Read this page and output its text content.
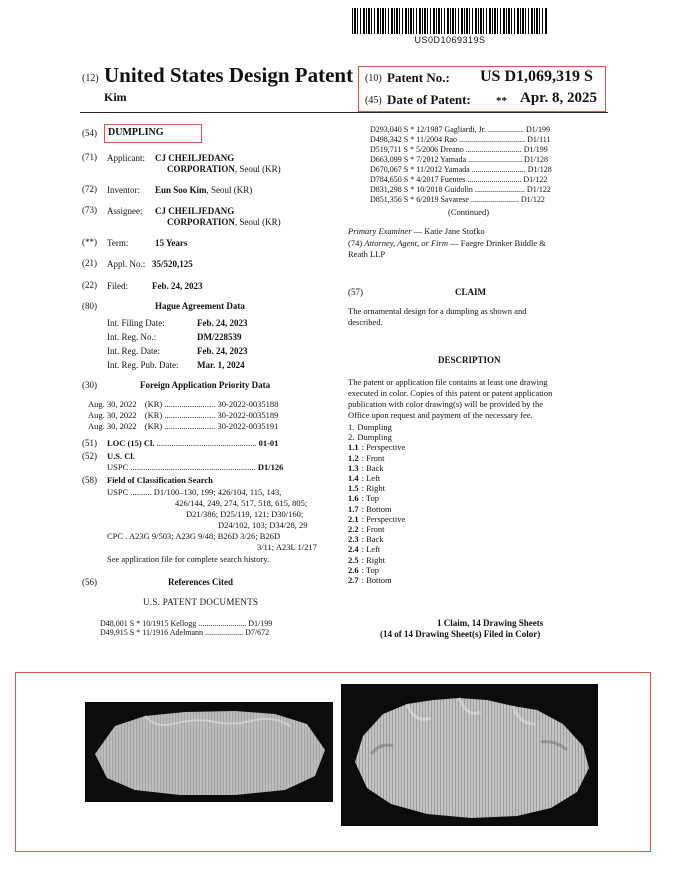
US0D1069319S
(12) United States Design Patent
Kim
(10) Patent No.: US D1,069,319 S
(45) Date of Patent: ** Apr. 8, 2025
(54) DUMPLING
(71) Applicant: CJ CHEILJEDANG
CORPORATION, Seoul (KR)
(72) Inventor: Eun Soo Kim, Seoul (KR)
(73) Assignee: CJ CHEILJEDANG
CORPORATION, Seoul (KR)
(**) Term:	15 Years
(21) Appl. No.: 35/520,125
(22) Filed:	Feb. 24, 2023
(80)	Hague Agreement Data
Int. Filing Date:	Feb. 24, 2023
Int. Reg. No.:	DM/228539
Int. Reg. Date:	Feb. 24, 2023
Int. Reg. Pub. Date: Mar. 1, 2024
(30)	Foreign Application Priority Data
Aug. 30, 2022 (KR) ........................ 30-2022-0035188
Aug. 30, 2022 (KR) ........................ 30-2022-0035189
Aug. 30, 2022 (KR) ........................ 30-2022-0035191
(51) LOC (15) Cl. ............................................... 01-01
(52) U.S. Cl.
USPC ........................................................... D1/126
(58) Field of Classification Search
USPC .......... D1/100–130, 199; 426/104, 115, 143,
426/144, 249, 274, 517, 518, 615, 805;
D21/386; D25/119, 121; D30/160;
D24/102, 103; D34/28, 29
CPC . A23G 9/503; A23G 9/48; B26D 3/26; B26D
3/11; A23L 1/217
See application file for complete search history.
(56)	References Cited
U.S. PATENT DOCUMENTS
D48,001 S * 10/1915 Kellogg ........................ D1/199
D49,915 S * 11/1916 Adelmann ................... D7/672
D293,040 S * 12/1987 Gagliardi, Jr. .................. D1/199
D498,342 S * 11/2004 Rao ................................. D1/111
D519,711 S * 5/2006 Dreano ............................ D1/199
D663,099 S * 7/2012 Yamada ........................... D1/128
D670,067 S * 11/2012 Yamada ........................... D1/128
D784,650 S * 4/2017 Fuentes ........................... D1/122
D831,298 S * 10/2018 Guidolin ......................... D1/122
D851,356 S * 6/2019 Savarese ........................ D1/122
(Continued)
Primary Examiner — Katie Jane Stofko
(74) Attorney, Agent, or Firm — Faegre Drinker Biddle &
Reath LLP
(57)	CLAIM
The ornamental design for a dumpling as shown and
described.
DESCRIPTION
The patent or application file contains at least one drawing
executed in color. Copies of this patent or patent application
publication with color drawing(s) will be provided by the
Office upon request and payment of the necessary fee.
1. Dumpling
2. Dumpling
1.1 : Perspective
1.2 : Front
1.3 : Back
1.4 : Left
1.5 : Right
1.6 : Top
1.7 : Bottom
2.1 : Perspective
2.2 : Front
2.3 : Back
2.4 : Left
2.5 : Right
2.6 : Top
2.7 : Bottom
1 Claim, 14 Drawing Sheets
(14 of 14 Drawing Sheet(s) Filed in Color)
